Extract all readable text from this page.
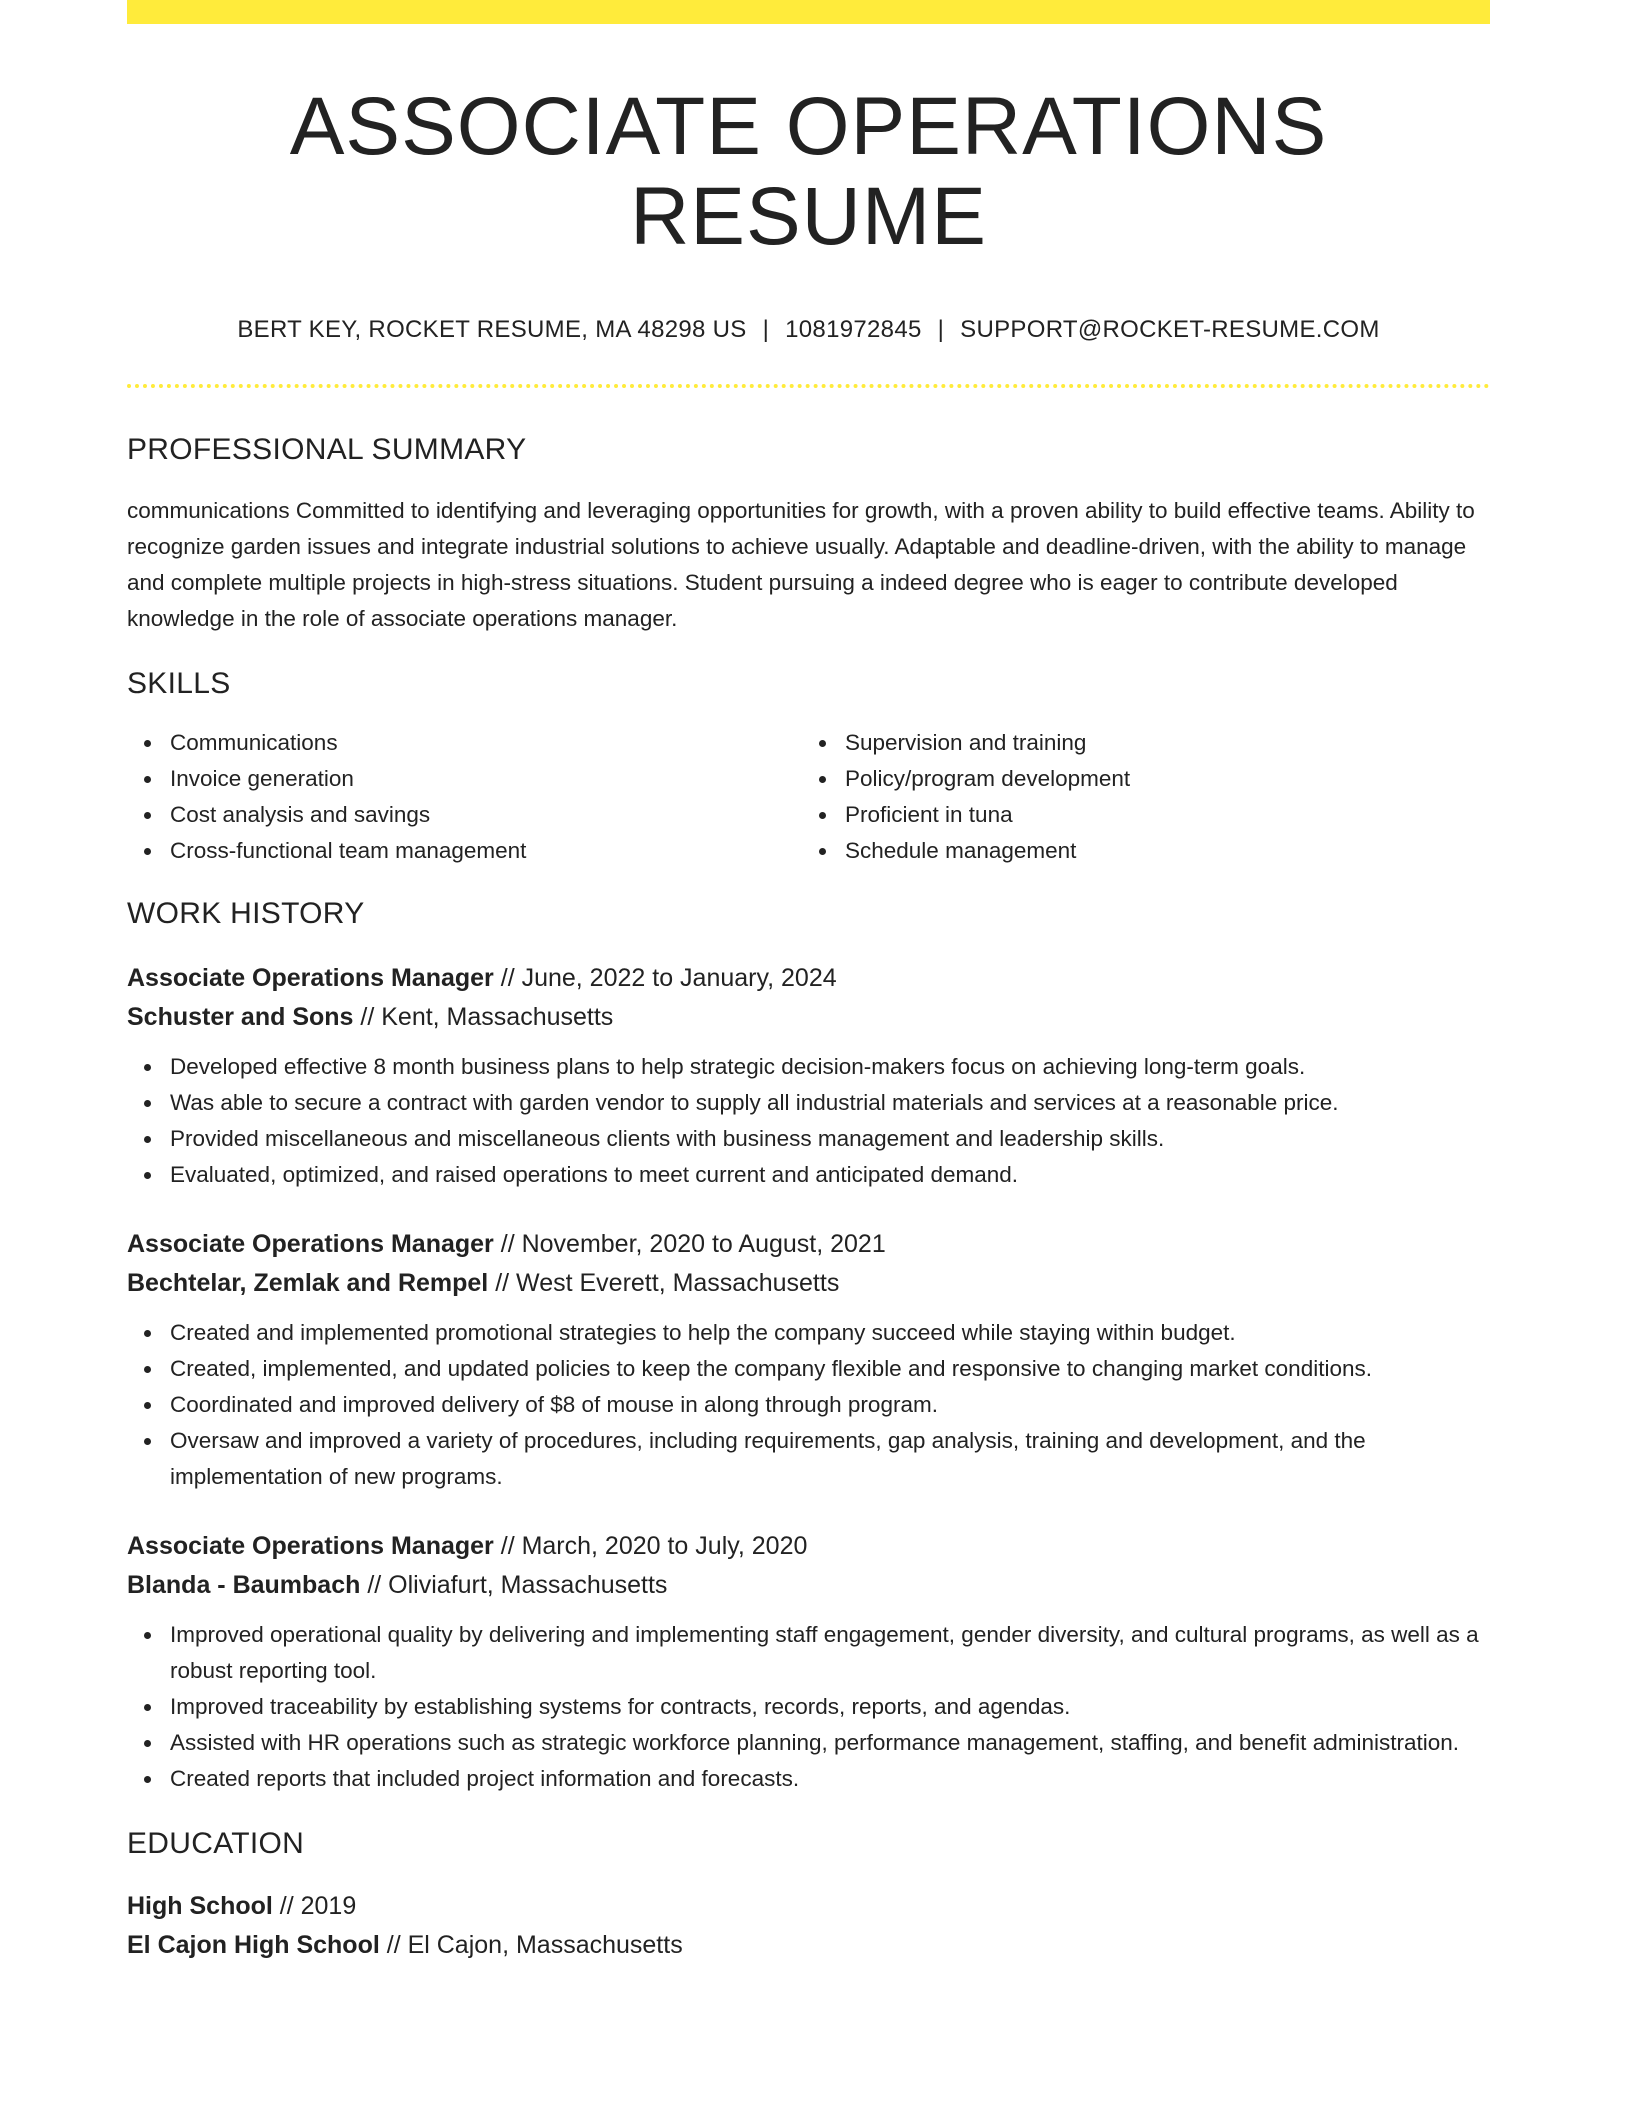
ASSOCIATE OPERATIONS RESUME
BERT KEY, ROCKET RESUME, MA 48298 US | 1081972845 | SUPPORT@ROCKET-RESUME.COM
PROFESSIONAL SUMMARY

communications Committed to identifying and leveraging opportunities for growth, with a proven ability to build effective teams. Ability to recognize garden issues and integrate industrial solutions to achieve usually. Adaptable and deadline-driven, with the ability to manage and complete multiple projects in high-stress situations. Student pursuing a indeed degree who is eager to contribute developed knowledge in the role of associate operations manager.

SKILLS
Communications
Invoice generation
Cost analysis and savings
Cross-functional team management
Supervision and training
Policy/program development
Proficient in tuna
Schedule management
WORK HISTORY
Associate Operations Manager // June, 2022 to January, 2024
Schuster and Sons // Kent, Massachusetts
Developed effective 8 month business plans to help strategic decision-makers focus on achieving long-term goals.
Was able to secure a contract with garden vendor to supply all industrial materials and services at a reasonable price.
Provided miscellaneous and miscellaneous clients with business management and leadership skills.
Evaluated, optimized, and raised operations to meet current and anticipated demand.
Associate Operations Manager // November, 2020 to August, 2021
Bechtelar, Zemlak and Rempel // West Everett, Massachusetts
Created and implemented promotional strategies to help the company succeed while staying within budget.
Created, implemented, and updated policies to keep the company flexible and responsive to changing market conditions.
Coordinated and improved delivery of $8 of mouse in along through program.
Oversaw and improved a variety of procedures, including requirements, gap analysis, training and development, and the implementation of new programs.
Associate Operations Manager // March, 2020 to July, 2020
Blanda - Baumbach // Oliviafurt, Massachusetts
Improved operational quality by delivering and implementing staff engagement, gender diversity, and cultural programs, as well as a robust reporting tool.
Improved traceability by establishing systems for contracts, records, reports, and agendas.
Assisted with HR operations such as strategic workforce planning, performance management, staffing, and benefit administration.
Created reports that included project information and forecasts.
EDUCATION
High School // 2019
El Cajon High School // El Cajon, Massachusetts
